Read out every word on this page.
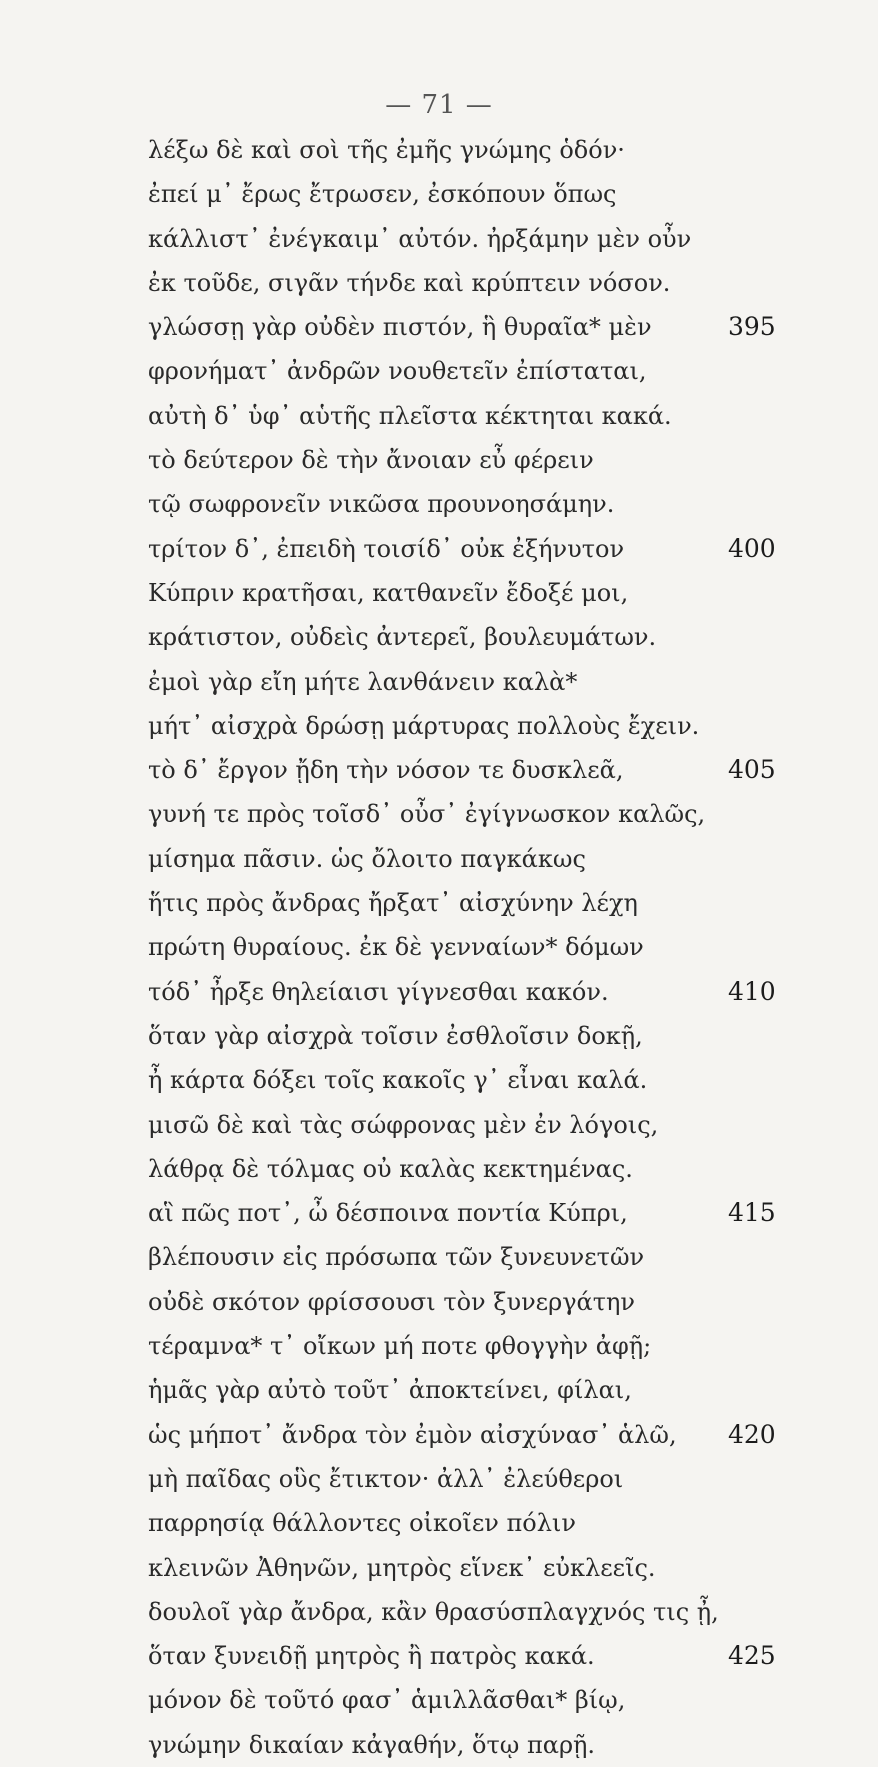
— 71 —
λέξω δὲ καὶ σοὶ τῆς ἐμῆς γνώμης ὁδόν·
ἐπεί μ᾽ ἔρως ἔτρωσεν, ἐσκόπουν ὅπως
κάλλιστ᾽ ἐνέγκαιμ᾽ αὐτόν. ἠρξάμην μὲν οὖν
ἐκ τοῦδε, σιγᾶν τήνδε καὶ κρύπτειν νόσον.
γλώσσῃ γὰρ οὐδὲν πιστόν, ἣ θυραῖα* μὲν	395
φρονήματ᾽ ἀνδρῶν νουθετεῖν ἐπίσταται,
αὐτὴ δ᾽ ὑφ᾽ αὑτῆς πλεῖστα κέκτηται κακά.
τὸ δεύτερον δὲ τὴν ἄνοιαν εὖ φέρειν
τῷ σωφρονεῖν νικῶσα προυνοησάμην.
τρίτον δ᾽, ἐπειδὴ τοισίδ᾽ οὐκ ἐξήνυτον	400
Κύπριν κρατῆσαι, κατθανεῖν ἔδοξέ μοι,
κράτιστον, οὐδεὶς ἀντερεῖ, βουλευμάτων.
ἐμοὶ γὰρ εἴη μήτε λανθάνειν καλὰ*
μήτ᾽ αἰσχρὰ δρώσῃ μάρτυρας πολλοὺς ἔχειν.
τὸ δ᾽ ἔργον ᾔδη τὴν νόσον τε δυσκλεᾶ,	405
γυνή τε πρὸς τοῖσδ᾽ οὖσ᾽ ἐγίγνωσκον καλῶς,
μίσημα πᾶσιν. ὡς ὄλοιτο παγκάκως
ἥτις πρὸς ἄνδρας ἤρξατ᾽ αἰσχύνην λέχη
πρώτη θυραίους. ἐκ δὲ γενναίων* δόμων
τόδ᾽ ἦρξε θηλείαισι γίγνεσθαι κακόν.	410
ὅταν γὰρ αἰσχρὰ τοῖσιν ἐσθλοῖσιν δοκῇ,
ἦ κάρτα δόξει τοῖς κακοῖς γ᾽ εἶναι καλά.
μισῶ δὲ καὶ τὰς σώφρονας μὲν ἐν λόγοις,
λάθρᾳ δὲ τόλμας οὐ καλὰς κεκτημένας.
αἳ πῶς ποτ᾽, ὦ δέσποινα ποντία Κύπρι,	415
βλέπουσιν εἰς πρόσωπα τῶν ξυνευνετῶν
οὐδὲ σκότον φρίσσουσι τὸν ξυνεργάτην
τέραμνα* τ᾽ οἴκων μή ποτε φθογγὴν ἀφῇ;
ἡμᾶς γὰρ αὐτὸ τοῦτ᾽ ἀποκτείνει, φίλαι,
ὡς μήποτ᾽ ἄνδρα τὸν ἐμὸν αἰσχύνασ᾽ ἁλῶ, 420
μὴ παῖδας οὓς ἔτικτον· ἀλλ᾽ ἐλεύθεροι
παρρησίᾳ θάλλοντες οἰκοῖεν πόλιν
κλεινῶν Ἀθηνῶν, μητρὸς εἵνεκ᾽ εὐκλεεῖς.
δουλοῖ γὰρ ἄνδρα, κἂν θρασύσπλαγχνός τις ᾖ,
ὅταν ξυνειδῇ μητρὸς ἢ πατρὸς κακά.	425
μόνον δὲ τοῦτό φασ᾽ ἁμιλλᾶσθαι* βίῳ,
γνώμην δικαίαν κἀγαθήν, ὅτῳ παρῇ.
